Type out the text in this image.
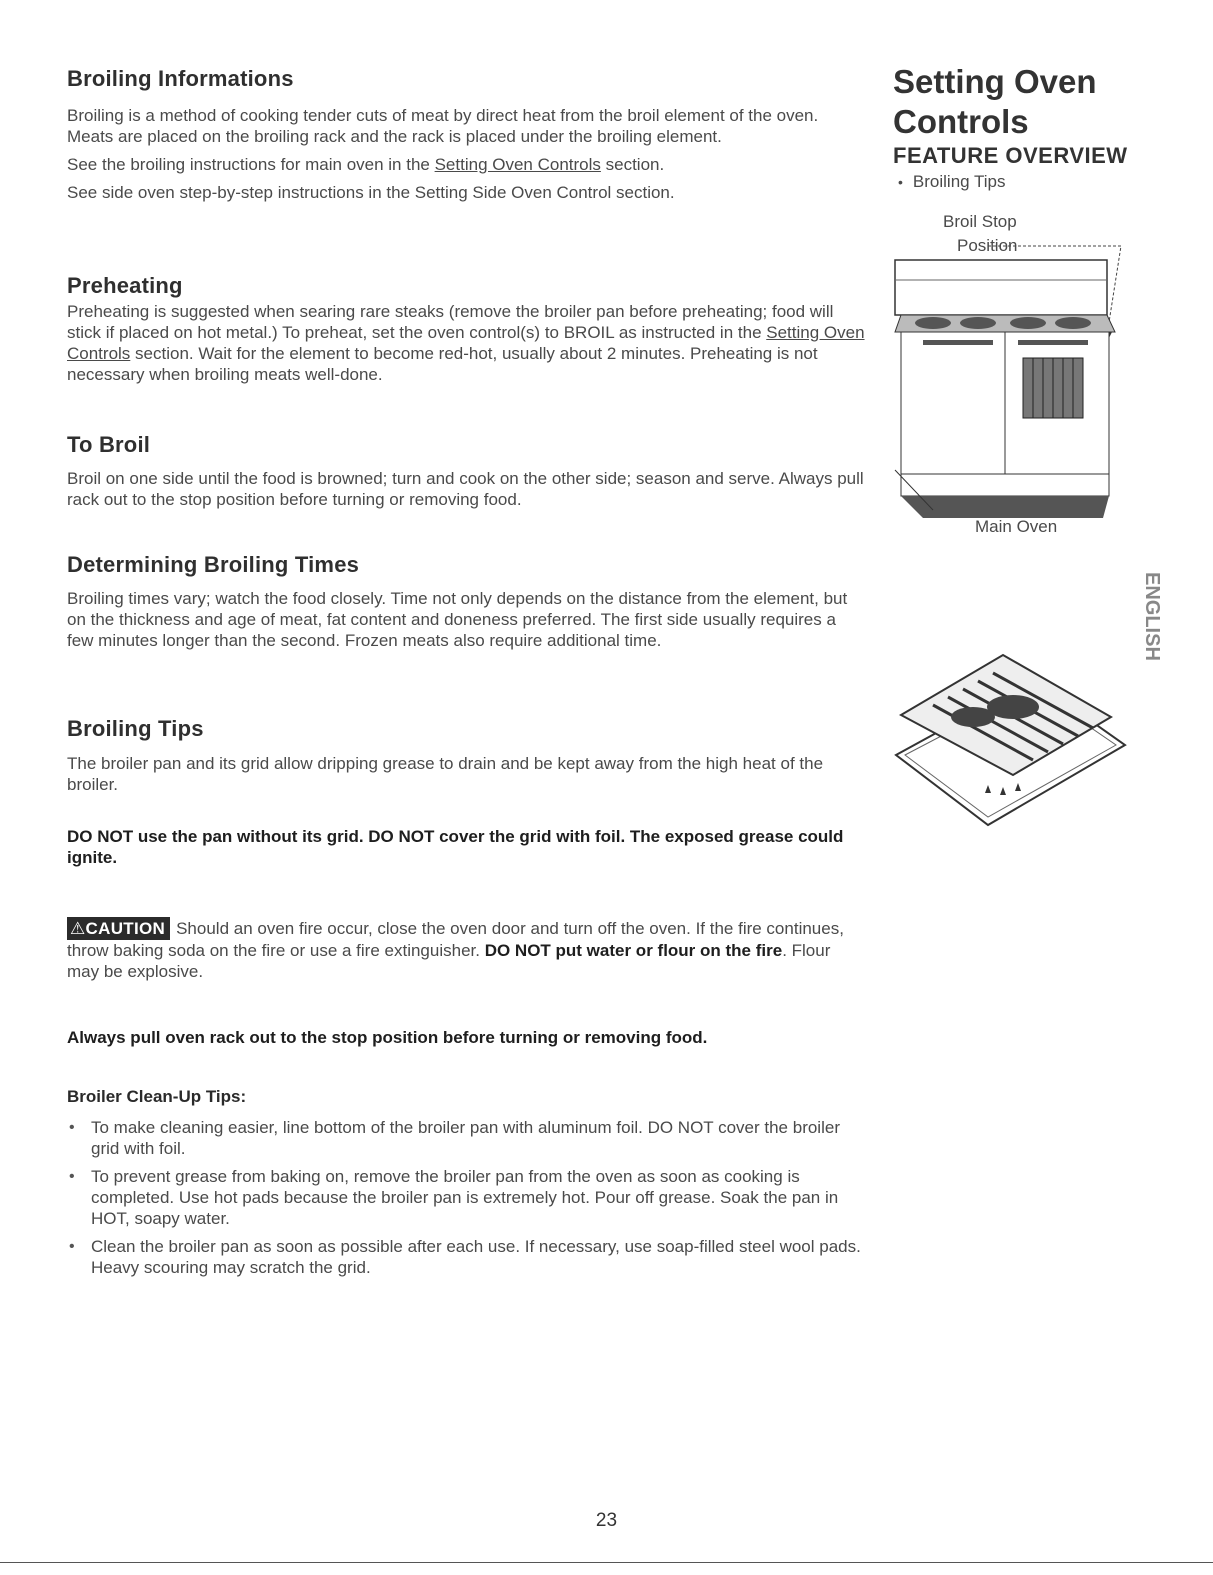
Broiling Informations

Broiling is a method of cooking tender cuts of meat by direct heat from the broil element of the oven. Meats are placed on the broiling rack and the rack is placed under the broiling element.

See the broiling instructions for main oven in the Setting Oven Controls section.

See side oven step-by-step instructions in the Setting Side Oven Control section.

Preheating

Preheating is suggested when searing rare steaks (remove the broiler pan before preheating; food will stick if placed on hot metal.) To preheat, set the oven control(s) to BROIL as instructed in the Setting Oven Controls section. Wait for the element to become red-hot, usually about 2 minutes. Preheating is not necessary when broiling meats well-done.

To Broil

Broil on one side until the food is browned; turn and cook on the other side; season and serve. Always pull rack out to the stop position before turning or removing food.

Determining Broiling Times

Broiling times vary; watch the food closely. Time not only depends on the distance from the element, but on the thickness and age of meat, fat content and doneness preferred. The first side usually requires a few minutes longer than the second. Frozen meats also require additional time.

Broiling Tips

The broiler pan and its grid allow dripping grease to drain and be kept away from the high heat of the broiler.

DO NOT use the pan without its grid. DO NOT cover the grid with foil. The exposed grease could ignite.

⚠CAUTION Should an oven fire occur, close the oven door and turn off the oven. If the fire continues, throw baking soda on the fire or use a fire extinguisher. DO NOT put water or flour on the fire. Flour may be explosive.

Always pull oven rack out to the stop position before turning or removing food.

Broiler Clean-Up Tips:
• To make cleaning easier, line bottom of the broiler pan with aluminum foil. DO NOT cover the broiler grid with foil.
• To prevent grease from baking on, remove the broiler pan from the oven as soon as cooking is completed. Use hot pads because the broiler pan is extremely hot. Pour off grease. Soak the pan in HOT, soapy water.
• Clean the broiler pan as soon as possible after each use. If necessary, use soap-filled steel wool pads. Heavy scouring may scratch the grid.
Setting Oven
Controls
FEATURE OVERVIEW
• Broiling Tips
Broil Stop
Position
Main Oven
ENGLISH
23
